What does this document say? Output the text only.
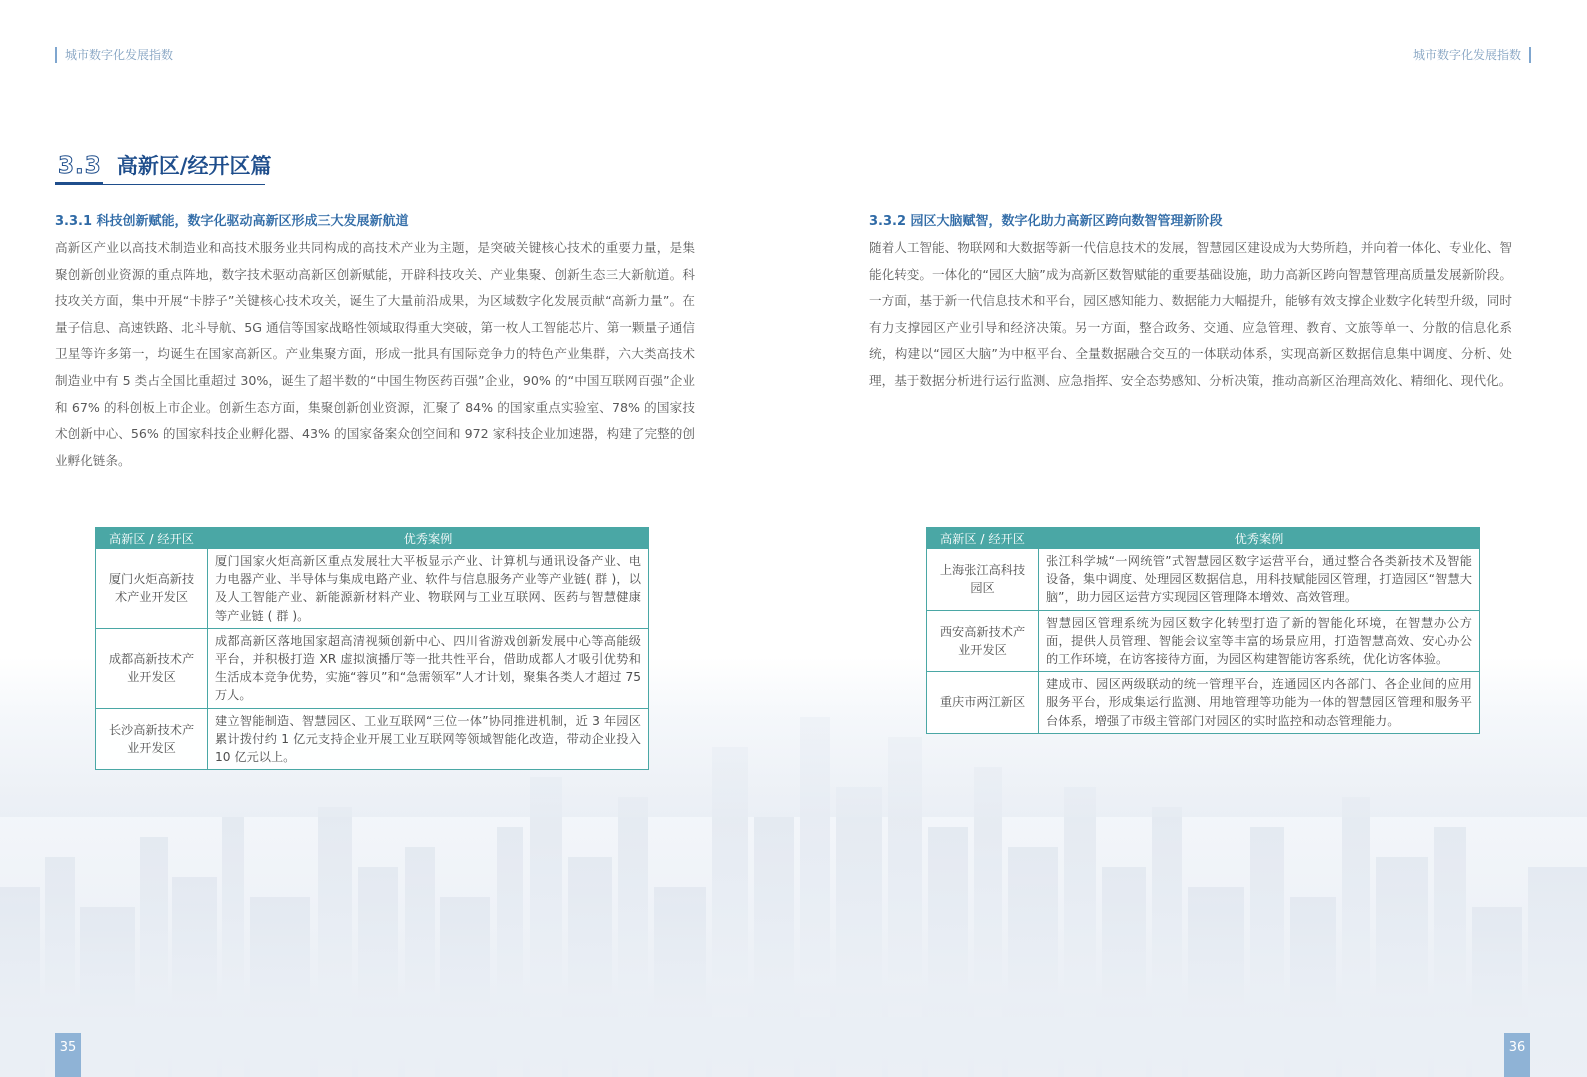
城市数字化发展指数	城市数字化发展指数
3.3 高新区/经开区篇
3.3.1 科技创新赋能，数字化驱动高新区形成三大发展新航道

高新区产业以高技术制造业和高技术服务业共同构成的高技术产业为主题，是突破关键核心技术的重要力量，是集聚创新创业资源的重点阵地，数字技术驱动高新区创新赋能，开辟科技攻关、产业集聚、创新生态三大新航道。科技攻关方面，集中开展“卡脖子”关键核心技术攻关，诞生了大量前沿成果，为区域数字化发展贡献“高新力量”。在量子信息、高速铁路、北斗导航、5G 通信等国家战略性领域取得重大突破，第一枚人工智能芯片、第一颗量子通信卫星等许多第一，均诞生在国家高新区。产业集聚方面，形成一批具有国际竞争力的特色产业集群，六大类高技术制造业中有 5 类占全国比重超过 30%，诞生了超半数的“中国生物医药百强”企业，90% 的“中国互联网百强”企业和 67% 的科创板上市企业。创新生态方面，集聚创新创业资源，汇聚了 84% 的国家重点实验室、78% 的国家技术创新中心、56% 的国家科技企业孵化器、43% 的国家备案众创空间和 972 家科技企业加速器，构建了完整的创业孵化链条。

3.3.2 园区大脑赋智，数字化助力高新区跨向数智管理新阶段

随着人工智能、物联网和大数据等新一代信息技术的发展，智慧园区建设成为大势所趋，并向着一体化、专业化、智能化转变。一体化的“园区大脑”成为高新区数智赋能的重要基础设施，助力高新区跨向智慧管理高质量发展新阶段。一方面，基于新一代信息技术和平台，园区感知能力、数据能力大幅提升，能够有效支撑企业数字化转型升级，同时有力支撑园区产业引导和经济决策。另一方面，整合政务、交通、应急管理、教育、文旅等单一、分散的信息化系统，构建以“园区大脑”为中枢平台、全量数据融合交互的一体联动体系，实现高新区数据信息集中调度、分析、处理，基于数据分析进行运行监测、应急指挥、安全态势感知、分析决策，推动高新区治理高效化、精细化、现代化。

高新区 / 经开区	优秀案例
厦门火炬高新技术产业开发区	厦门国家火炬高新区重点发展壮大平板显示产业、计算机与通讯设备产业、电力电器产业、半导体与集成电路产业、软件与信息服务产业等产业链( 群 )，以及人工智能产业、新能源新材料产业、物联网与工业互联网、医药与智慧健康等产业链 ( 群 )。
成都高新技术产业开发区	成都高新区落地国家超高清视频创新中心、四川省游戏创新发展中心等高能级平台，并积极打造 XR 虚拟演播厅等一批共性平台，借助成都人才吸引优势和生活成本竞争优势，实施“蓉贝”和“急需领军”人才计划，聚集各类人才超过 75 万人。
长沙高新技术产业开发区	建立智能制造、智慧园区、工业互联网“三位一体”协同推进机制，近 3 年园区累计拨付约 1 亿元支持企业开展工业互联网等领域智能化改造，带动企业投入 10 亿元以上。
高新区 / 经开区	优秀案例
上海张江高科技园区	张江科学城“一网统管”式智慧园区数字运营平台，通过整合各类新技术及智能设备，集中调度、处理园区数据信息，用科技赋能园区管理，打造园区“智慧大脑”，助力园区运营方实现园区管理降本增效、高效管理。
西安高新技术产业开发区	智慧园区管理系统为园区数字化转型打造了新的智能化环境，在智慧办公方面，提供人员管理、智能会议室等丰富的场景应用，打造智慧高效、安心办公的工作环境，在访客接待方面，为园区构建智能访客系统，优化访客体验。
重庆市两江新区	建成市、园区两级联动的统一管理平台，连通园区内各部门、各企业间的应用服务平台，形成集运行监测、用地管理等功能为一体的智慧园区管理和服务平台体系，增强了市级主管部门对园区的实时监控和动态管理能力。
35	36
